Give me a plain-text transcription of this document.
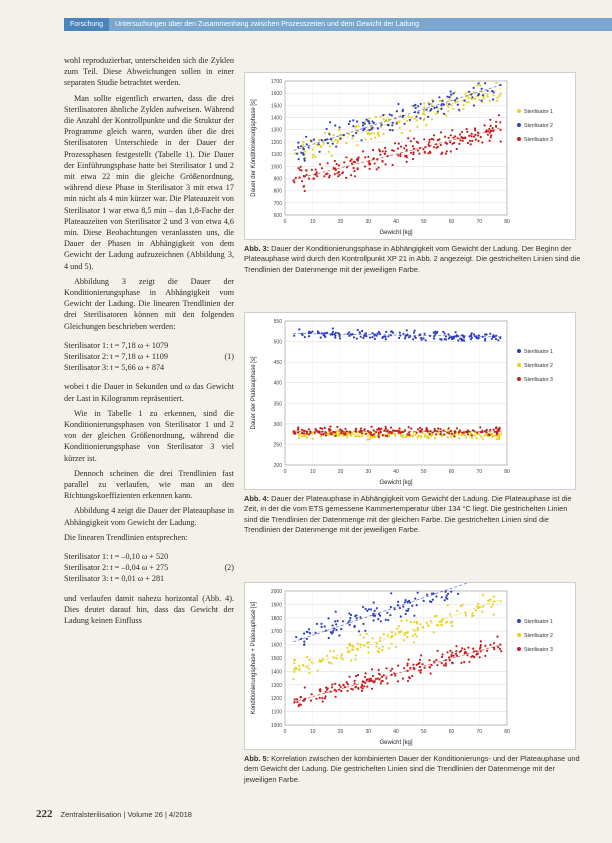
Forschung Untersuchungen über den Zusammenhang zwischen Prozesszeiten und dem Gewicht der Ladung

wohl reproduzierbar, unterscheiden sich die Zyklen zum Teil. Diese Abweichungen sollen in einer separaten Studie betrachtet werden.

Man sollte eigentlich erwarten, dass die drei Sterilisatoren ähnliche Zyklen aufweisen. Während die Anzahl der Kontrollpunkte und die Struktur der Programme gleich waren, wurden über die drei Sterilisatoren Unterschiede in der Dauer der Prozessphasen festgestellt (Tabelle 1). Die Dauer der Einführungsphase hatte bei Sterilisator 1 und 2 mit etwa 22 min die gleiche Größenordnung, während diese Phase in Sterilisator 3 mit etwa 17 min nicht als 4 min kürzer war. Die Plateauzeit von Sterilisator 1 war etwa 8,5 min – das 1,8-Fache der Plateauzeiten von Sterilisator 2 und 3 von etwa 4,6 min. Diese Beobachtungen veranlassten uns, die Dauer der Phasen in Abhängigkeit von dem Gewicht der Ladung aufzuzeichnen (Abbildung 3, 4 und 5).

Abbildung 3 zeigt die Dauer der Konditionierungsphase in Abhängigkeit vom Gewicht der Ladung. Die linearen Trendlinien der drei Sterilisatoren können mit den folgenden Gleichungen beschrieben werden:

Sterilisator 1: t = 7,18 ω + 1079
Sterilisator 2: t = 7,18 ω + 1109	(1)
Sterilisator 3: t = 5,66 ω + 874

wobei t die Dauer in Sekunden und ω das Gewicht der Last in Kilogramm repräsentiert.

Wie in Tabelle 1 zu erkennen, sind die Konditionierungsphasen von Sterilisator 1 und 2 von der gleichen Größenordnung, während die Konditionierungsphase von Sterilisator 3 viel kürzer ist.

Dennoch scheinen die drei Trendlinien fast parallel zu verlaufen, wie man an den Richtungskoeffizienten erkennen kann.

Abbildung 4 zeigt die Dauer der Plateauphase in Abhängigkeit vom Gewicht der Ladung.

Die linearen Trendlinien entsprechen:

Sterilisator 1: t = –0,10 ω + 520
Sterilisator 2: t = –0,04 ω + 275	(2)
Sterilisator 3: t = 0,01 ω + 281

und verlaufen damit nahezu horizontal (Abb. 4). Dies deutet darauf hin, dass das Gewicht der Ladung keinen Einfluss

600
700
800
900
1000
1100
1200
1300
1400
1500
1600
1700
0	10	20	30	40	50	60	70	80
Sterilisator 1
Sterilisator 2
Sterilisator 3
Gewicht [kg]
Dauer der Konditionierungsphase [s]
Abb. 3: Dauer der Konditionierungsphase in Abhängigkeit vom Gewicht der Ladung. Der Beginn der Plateauphase wird durch den Kontrollpunkt XP 21 in Abb. 2 angezeigt. Die gestrichelten Linien sind die Trendlinien der Datenmenge mit der jeweiligen Farbe.
200
250
300
350
400
450
500
550
0	10	20	30	40	50	60	70	80
Sterilisator 1
Sterilisator 2
Sterilisator 3
Gewicht [kg]
Dauer der Plateauphase [s]
Abb. 4: Dauer der Plateauphase in Abhängigkeit vom Gewicht der Ladung. Die Plateauphase ist die Zeit, in der die vom ETS gemessene Kammertemperatur über 134 °C liegt. Die gestrichelten Linien sind die Trendlinien der Datenmenge mit der gleichen Farbe. Die gestrichelten Linien sind die Trendlinien der Datenmenge mit der jeweiligen Farbe.
1000
1100
1200
1300
1400
1500
1600
1700
1800
1900
2000
0	10	20	30	40	50	60	70	80
Sterilisator 1
Sterilisator 2
Sterilisator 3
Gewicht [kg]
Konditionierungsphase + Plateauphase [s]
Abb. 5: Korrelation zwischen der kombinierten Dauer der Konditionierungs- und der Plateauphase und dem Gewicht der Ladung. Die gestrichelten Linien sind die Trendlinien der Datenmenge mit der jeweiligen Farbe.
222 Zentralsterilisation | Volume 26 | 4/2018
